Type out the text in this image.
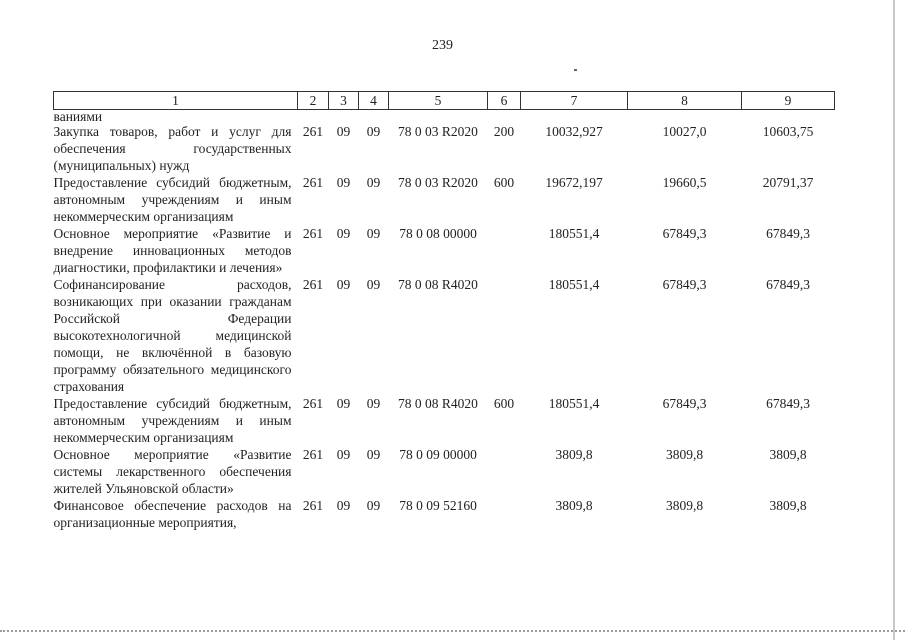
239
1	2	3	4	5	6	7	8	9
ваниями								
Закупка товаров, работ и услуг для обеспечения государственных (муниципальных) нужд	261	09	09	78 0 03 R2020	200	10032,927	10027,0	10603,75
Предоставление субсидий бюджетным, автономным учреждениям и иным некоммерческим организациям	261	09	09	78 0 03 R2020	600	19672,197	19660,5	20791,37
Основное мероприятие «Развитие и внедрение инновационных методов диагностики, профилактики и лечения»	261	09	09	78 0 08 00000		180551,4	67849,3	67849,3
Софинансирование расходов, возникающих при оказании гражданам Российской Федерации высокотехнологичной медицинской помощи, не включённой в базовую программу обязательного медицинского страхования	261	09	09	78 0 08 R4020		180551,4	67849,3	67849,3
Предоставление субсидий бюджетным, автономным учреждениям и иным некоммерческим организациям	261	09	09	78 0 08 R4020	600	180551,4	67849,3	67849,3
Основное мероприятие «Развитие системы лекарственного обеспечения жителей Ульяновской области»	261	09	09	78 0 09 00000		3809,8	3809,8	3809,8
Финансовое обеспечение расходов на организационные мероприятия,	261	09	09	78 0 09 52160		3809,8	3809,8	3809,8
